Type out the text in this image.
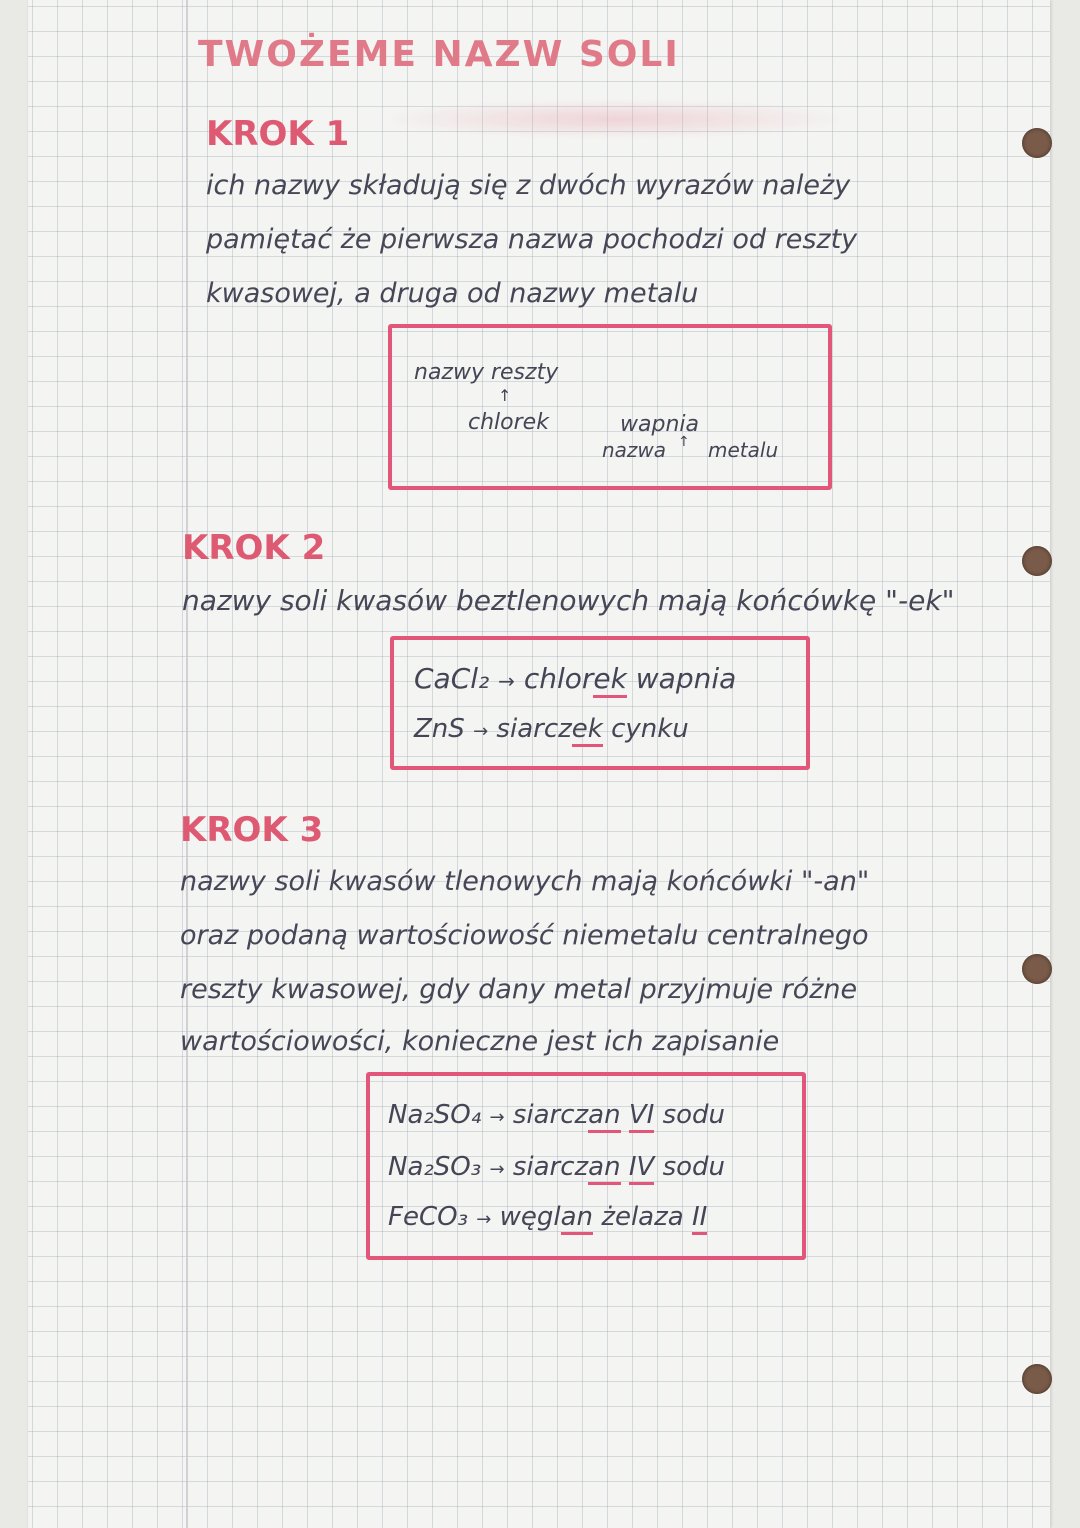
TWOŻEME NAZW SOLI
KROK 1
ich nazwy składują się z dwóch wyrazów należy
pamiętać że pierwsza nazwa pochodzi od reszty
kwasowej, a druga od nazwy metalu
nazwy reszty
↑
chlorek	wapnia
nazwa ↑ metalu
KROK 2
nazwy soli kwasów beztlenowych mają końcówkę "-ek"
CaCl₂ → chlorek wapnia
ZnS → siarczek cynku
KROK 3
nazwy soli kwasów tlenowych mają końcówki "-an"
oraz podaną wartościowość niemetalu centralnego
reszty kwasowej, gdy dany metal przyjmuje różne
wartościowości, konieczne jest ich zapisanie
Na₂SO₄ → siarczan VI sodu
Na₂SO₃ → siarczan IV sodu
FeCO₃ → węglan żelaza II
